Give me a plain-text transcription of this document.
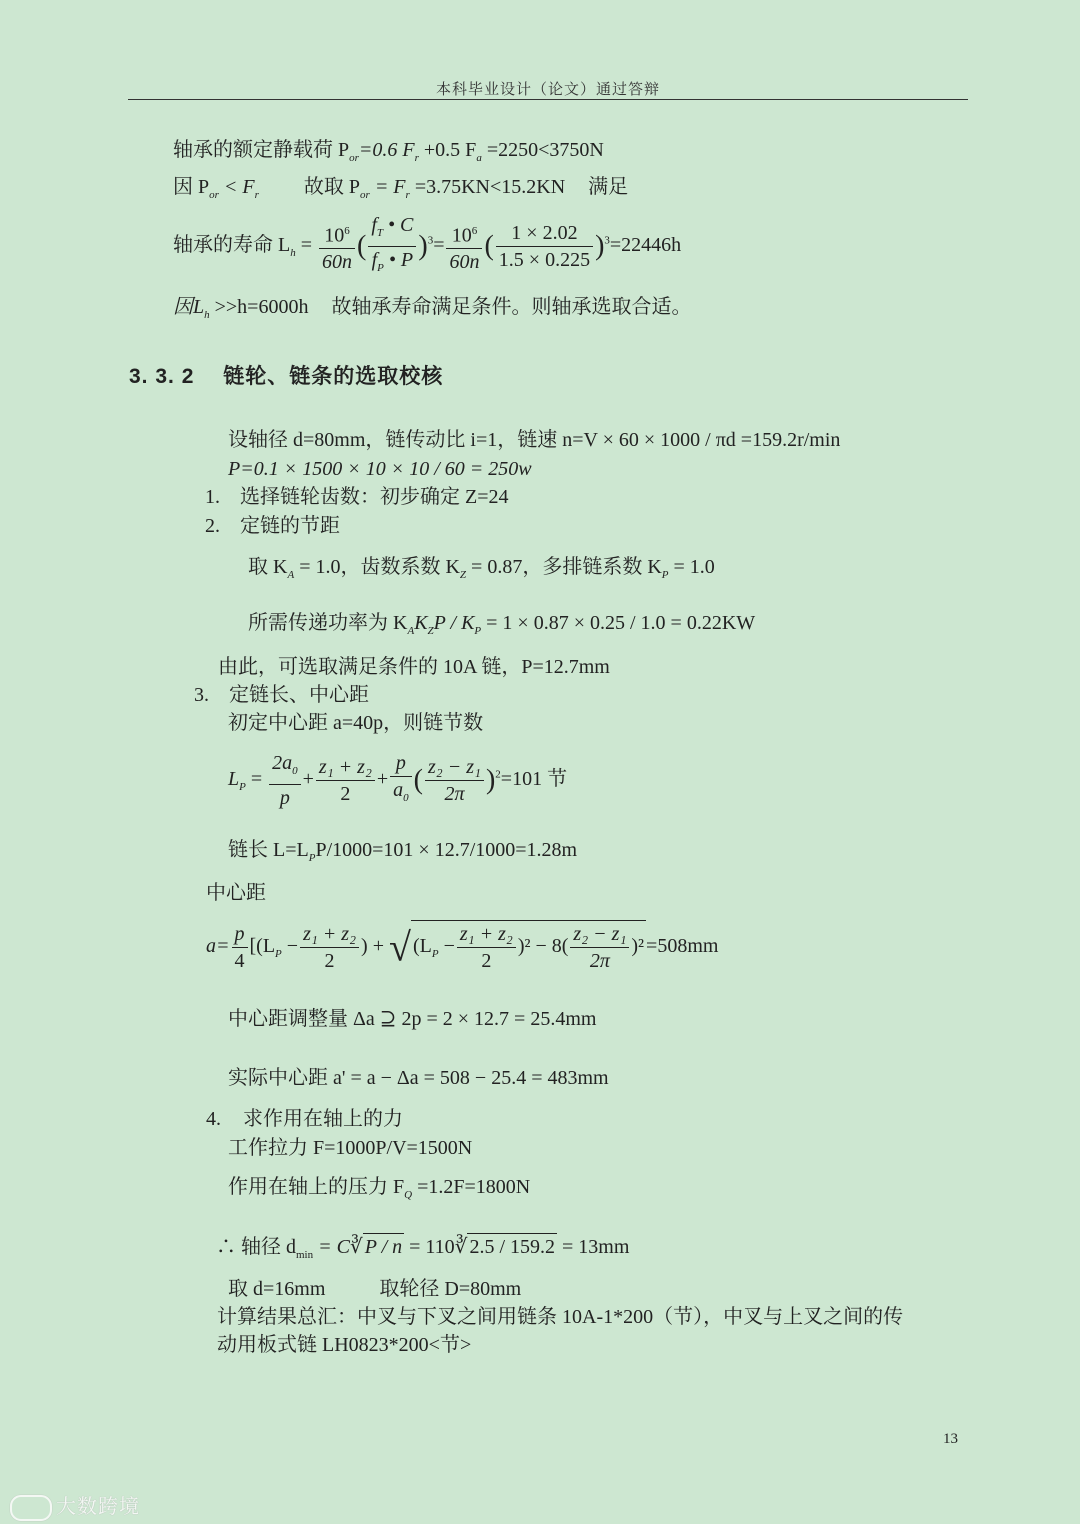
本科毕业设计（论文）通过答辩
轴承的额定静载荷 $P_{or}=0.6$ $F_r +0.5$ $F_a =2250<3750N$
因 $P_{or} < F_r$ 故取 $P_{or} = F_r =3.75KN<15.2KN$ 满足
轴承的寿命 $L_h = \frac{10^6}{60n}$ ( $\frac{f_T • C}{f_P • P} )^3= \frac{10^6}{60n}$ ( $\frac{1 \times 2.02}{1.5 \times 0.225} )^3=22446h$
因$L_h >>h=6000h$ 故轴承寿命满足条件。则轴承选取合适。
3. 3. 2 链轮、链条的选取校核
设轴径 d=80mm，链传动比 i=1，链速 n=V × 60 × 1000 / πd =159.2r/min
P=0.1 × 1500 × 10 × 10 / 60 = 250w
1. 选择链轮齿数：初步确定 Z=24
2. 定链的节距
取 $K_A = 1.0$，齿数系数 $K_Z = 0.87$，多排链系数 $K_P = 1.0$
所需传递功率为 $K_AK_ZP / K_P = 1 \times 0.87 \times 0.25 / 1.0 = 0.22KW$
由此，可选取满足条件的 10A 链，P=12.7mm
3. 定链长、中心距
初定中心距 a=40p，则链节数
$L_P = \frac{2a_0}{p} + \frac{\text{z₁ + z₂}}{2} + \frac{p}{a_0}$ ( $\frac{\text{z₂ − z₁}}{2\pi} )^2=101$ 节
链长 $L=L_PP/1000=101 \times 12.7/1000=1.28m$
中心距
$a= \frac{p}{4} [(L_P - \frac{\text{z₁ + z₂}}{2}$ ) + √ $(L_P - \frac{\text{z₁ + z₂}}{2} )^2 - 8( \frac{\text{z₂ − z₁}}{2\pi} )^2 =508mm$
中心距调整量 Δa ⊇ 2p = 2 × 12.7 = 25.4mm
实际中心距 a' = a − Δa = 508 − 25.4 = 483mm
4. 求作用在轴上的力
工作拉力 F=1000P/V=1500N
作用在轴上的压力 $F_Q =1.2F=1800N$
∴ 轴径 $d_{min}$ = C∛ P / n = 110∛ 2.5 / 159.2 = 13mm
取 d=16mm	取轮径 D=80mm
计算结果总汇：中叉与下叉之间用链条 10A-1*200（节），中叉与上叉之间的传
动用板式链 LH0823*200<节>
13
大数跨境
